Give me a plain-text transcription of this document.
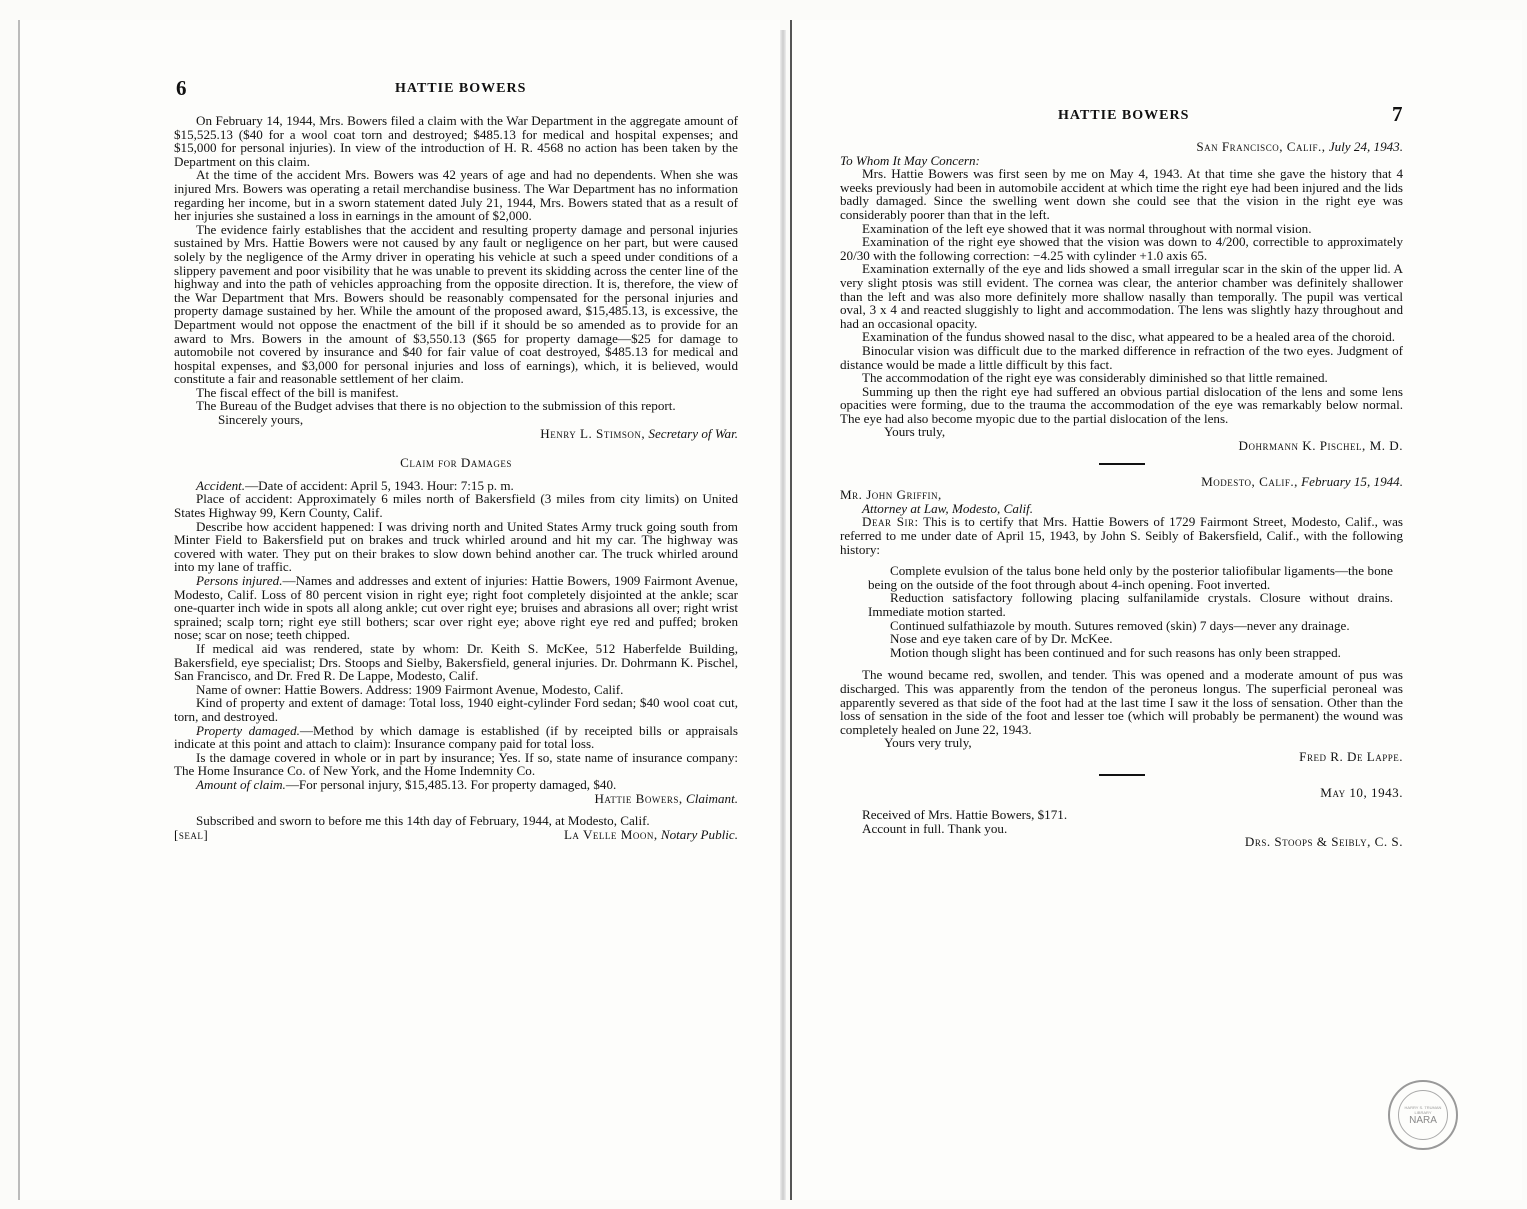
6	HATTIE BOWERS

On February 14, 1944, Mrs. Bowers filed a claim with the War Department in the aggregate amount of $15,525.13 ($40 for a wool coat torn and destroyed; $485.13 for medical and hospital expenses; and $15,000 for personal injuries). In view of the introduction of H. R. 4568 no action has been taken by the Department on this claim.

At the time of the accident Mrs. Bowers was 42 years of age and had no dependents. When she was injured Mrs. Bowers was operating a retail merchandise business. The War Department has no information regarding her income, but in a sworn statement dated July 21, 1944, Mrs. Bowers stated that as a result of her injuries she sustained a loss in earnings in the amount of $2,000.

The evidence fairly establishes that the accident and resulting property damage and personal injuries sustained by Mrs. Hattie Bowers were not caused by any fault or negligence on her part, but were caused solely by the negligence of the Army driver in operating his vehicle at such a speed under conditions of a slippery pavement and poor visibility that he was unable to prevent its skidding across the center line of the highway and into the path of vehicles approaching from the opposite direction. It is, therefore, the view of the War Department that Mrs. Bowers should be reasonably compensated for the personal injuries and property damage sustained by her. While the amount of the proposed award, $15,485.13, is excessive, the Department would not oppose the enactment of the bill if it should be so amended as to provide for an award to Mrs. Bowers in the amount of $3,550.13 ($65 for property damage—$25 for damage to automobile not covered by insurance and $40 for fair value of coat destroyed, $485.13 for medical and hospital expenses, and $3,000 for personal injuries and loss of earnings), which, it is believed, would constitute a fair and reasonable settlement of her claim.

The fiscal effect of the bill is manifest.

The Bureau of the Budget advises that there is no objection to the submission of this report.

Sincerely yours,

Henry L. Stimson, Secretary of War.

Claim for Damages

Accident.—Date of accident: April 5, 1943. Hour: 7:15 p. m.

Place of accident: Approximately 6 miles north of Bakersfield (3 miles from city limits) on United States Highway 99, Kern County, Calif.

Describe how accident happened: I was driving north and United States Army truck going south from Minter Field to Bakersfield put on brakes and truck whirled around and hit my car. The highway was covered with water. They put on their brakes to slow down behind another car. The truck whirled around into my lane of traffic.

Persons injured.—Names and addresses and extent of injuries: Hattie Bowers, 1909 Fairmont Avenue, Modesto, Calif. Loss of 80 percent vision in right eye; right foot completely disjointed at the ankle; scar one-quarter inch wide in spots all along ankle; cut over right eye; bruises and abrasions all over; right wrist sprained; scalp torn; right eye still bothers; scar over right eye; above right eye red and puffed; broken nose; scar on nose; teeth chipped.

If medical aid was rendered, state by whom: Dr. Keith S. McKee, 512 Haberfelde Building, Bakersfield, eye specialist; Drs. Stoops and Sielby, Bakersfield, general injuries. Dr. Dohrmann K. Pischel, San Francisco, and Dr. Fred R. De Lappe, Modesto, Calif.

Name of owner: Hattie Bowers. Address: 1909 Fairmont Avenue, Modesto, Calif.

Kind of property and extent of damage: Total loss, 1940 eight-cylinder Ford sedan; $40 wool coat cut, torn, and destroyed.

Property damaged.—Method by which damage is established (if by receipted bills or appraisals indicate at this point and attach to claim): Insurance company paid for total loss.

Is the damage covered in whole or in part by insurance; Yes. If so, state name of insurance company: The Home Insurance Co. of New York, and the Home Indemnity Co.

Amount of claim.—For personal injury, $15,485.13. For property damaged, $40.

Hattie Bowers, Claimant.

Subscribed and sworn to before me this 14th day of February, 1944, at Modesto, Calif.

[seal]	La Velle Moon, Notary Public.

HATTIE BOWERS	7

San Francisco, Calif., July 24, 1943.

To Whom It May Concern:

Mrs. Hattie Bowers was first seen by me on May 4, 1943. At that time she gave the history that 4 weeks previously had been in automobile accident at which time the right eye had been injured and the lids badly damaged. Since the swelling went down she could see that the vision in the right eye was considerably poorer than that in the left.

Examination of the left eye showed that it was normal throughout with normal vision.

Examination of the right eye showed that the vision was down to 4/200, correctible to approximately 20/30 with the following correction: −4.25 with cylinder +1.0 axis 65.

Examination externally of the eye and lids showed a small irregular scar in the skin of the upper lid. A very slight ptosis was still evident. The cornea was clear, the anterior chamber was definitely shallower than the left and was also more definitely more shallow nasally than temporally. The pupil was vertical oval, 3 x 4 and reacted sluggishly to light and accommodation. The lens was slightly hazy throughout and had an occasional opacity.

Examination of the fundus showed nasal to the disc, what appeared to be a healed area of the choroid.

Binocular vision was difficult due to the marked difference in refraction of the two eyes. Judgment of distance would be made a little difficult by this fact.

The accommodation of the right eye was considerably diminished so that little remained.

Summing up then the right eye had suffered an obvious partial dislocation of the lens and some lens opacities were forming, due to the trauma the accommodation of the eye was remarkably below normal. The eye had also become myopic due to the partial dislocation of the lens.

Yours truly,

Dohrmann K. Pischel, M. D.

Modesto, Calif., February 15, 1944.

Mr. John Griffin,

Attorney at Law, Modesto, Calif.

Dear Sir: This is to certify that Mrs. Hattie Bowers of 1729 Fairmont Street, Modesto, Calif., was referred to me under date of April 15, 1943, by John S. Seibly of Bakersfield, Calif., with the following history:

Complete evulsion of the talus bone held only by the posterior taliofibular ligaments—the bone being on the outside of the foot through about 4-inch opening. Foot inverted.

Reduction satisfactory following placing sulfanilamide crystals. Closure without drains. Immediate motion started.

Continued sulfathiazole by mouth. Sutures removed (skin) 7 days—never any drainage.

Nose and eye taken care of by Dr. McKee.

Motion though slight has been continued and for such reasons has only been strapped.

The wound became red, swollen, and tender. This was opened and a moderate amount of pus was discharged. This was apparently from the tendon of the peroneus longus. The superficial peroneal was apparently severed as that side of the foot had at the last time I saw it the loss of sensation. Other than the loss of sensation in the side of the foot and lesser toe (which will probably be permanent) the wound was completely healed on June 22, 1943.

Yours very truly,

Fred R. De Lappe.

May 10, 1943.

Received of Mrs. Hattie Bowers, $171.

Account in full. Thank you.

Drs. Stoops & Seibly, C. S.

HARRY S. TRUMAN LIBRARY
NARA
